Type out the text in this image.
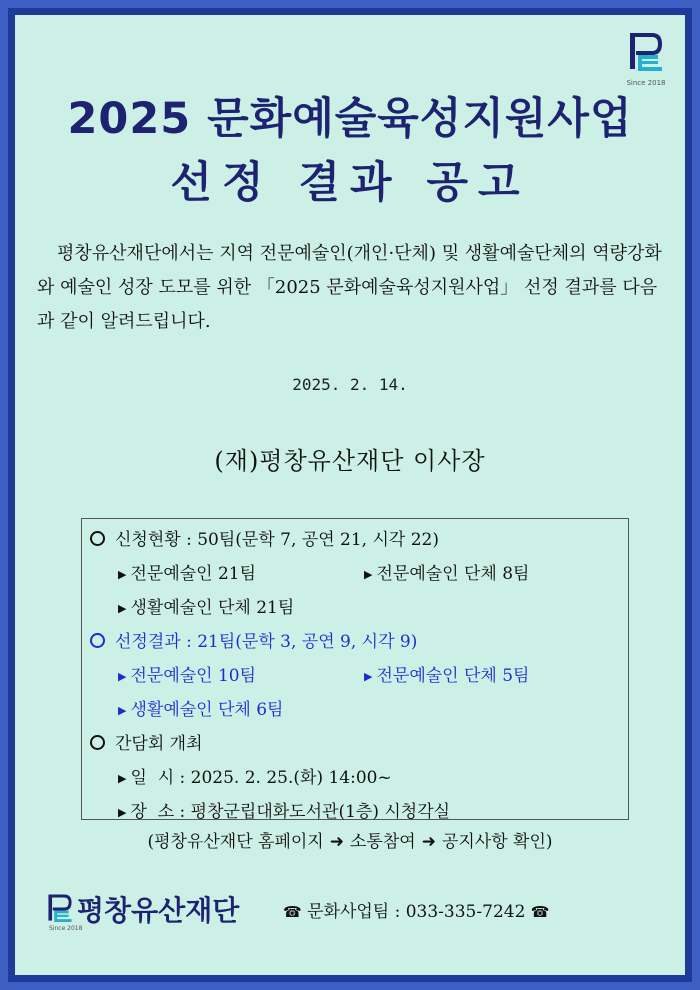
Since 2018
2025 문화예술육성지원사업
선정 결과 공고
평창유산재단에서는 지역 전문예술인(개인·단체) 및 생활예술단체의 역량강화와 예술인 성장 도모를 위한 「2025 문화예술육성지원사업」 선정 결과를 다음과 같이 알려드립니다.
2025. 2. 14.
(재)평창유산재단 이사장
신청현황 : 50팀(문학 7, 공연 21, 시각 22)
▶ 전문예술인 21팀	▶ 전문예술인 단체 8팀
▶ 생활예술인 단체 21팀
선정결과 : 21팀(문학 3, 공연 9, 시각 9)
▶ 전문예술인 10팀	▶ 전문예술인 단체 5팀
▶ 생활예술인 단체 6팀
간담회 개최
▶ 일  시 : 2025. 2. 25.(화) 14:00~
▶ 장  소 : 평창군립대화도서관(1층) 시청각실
(평창유산재단 홈페이지 ➜ 소통참여 ➜ 공지사항 확인)
평창유산재단
Since 2018
☎ 문화사업팀 : 033-335-7242 ☎
